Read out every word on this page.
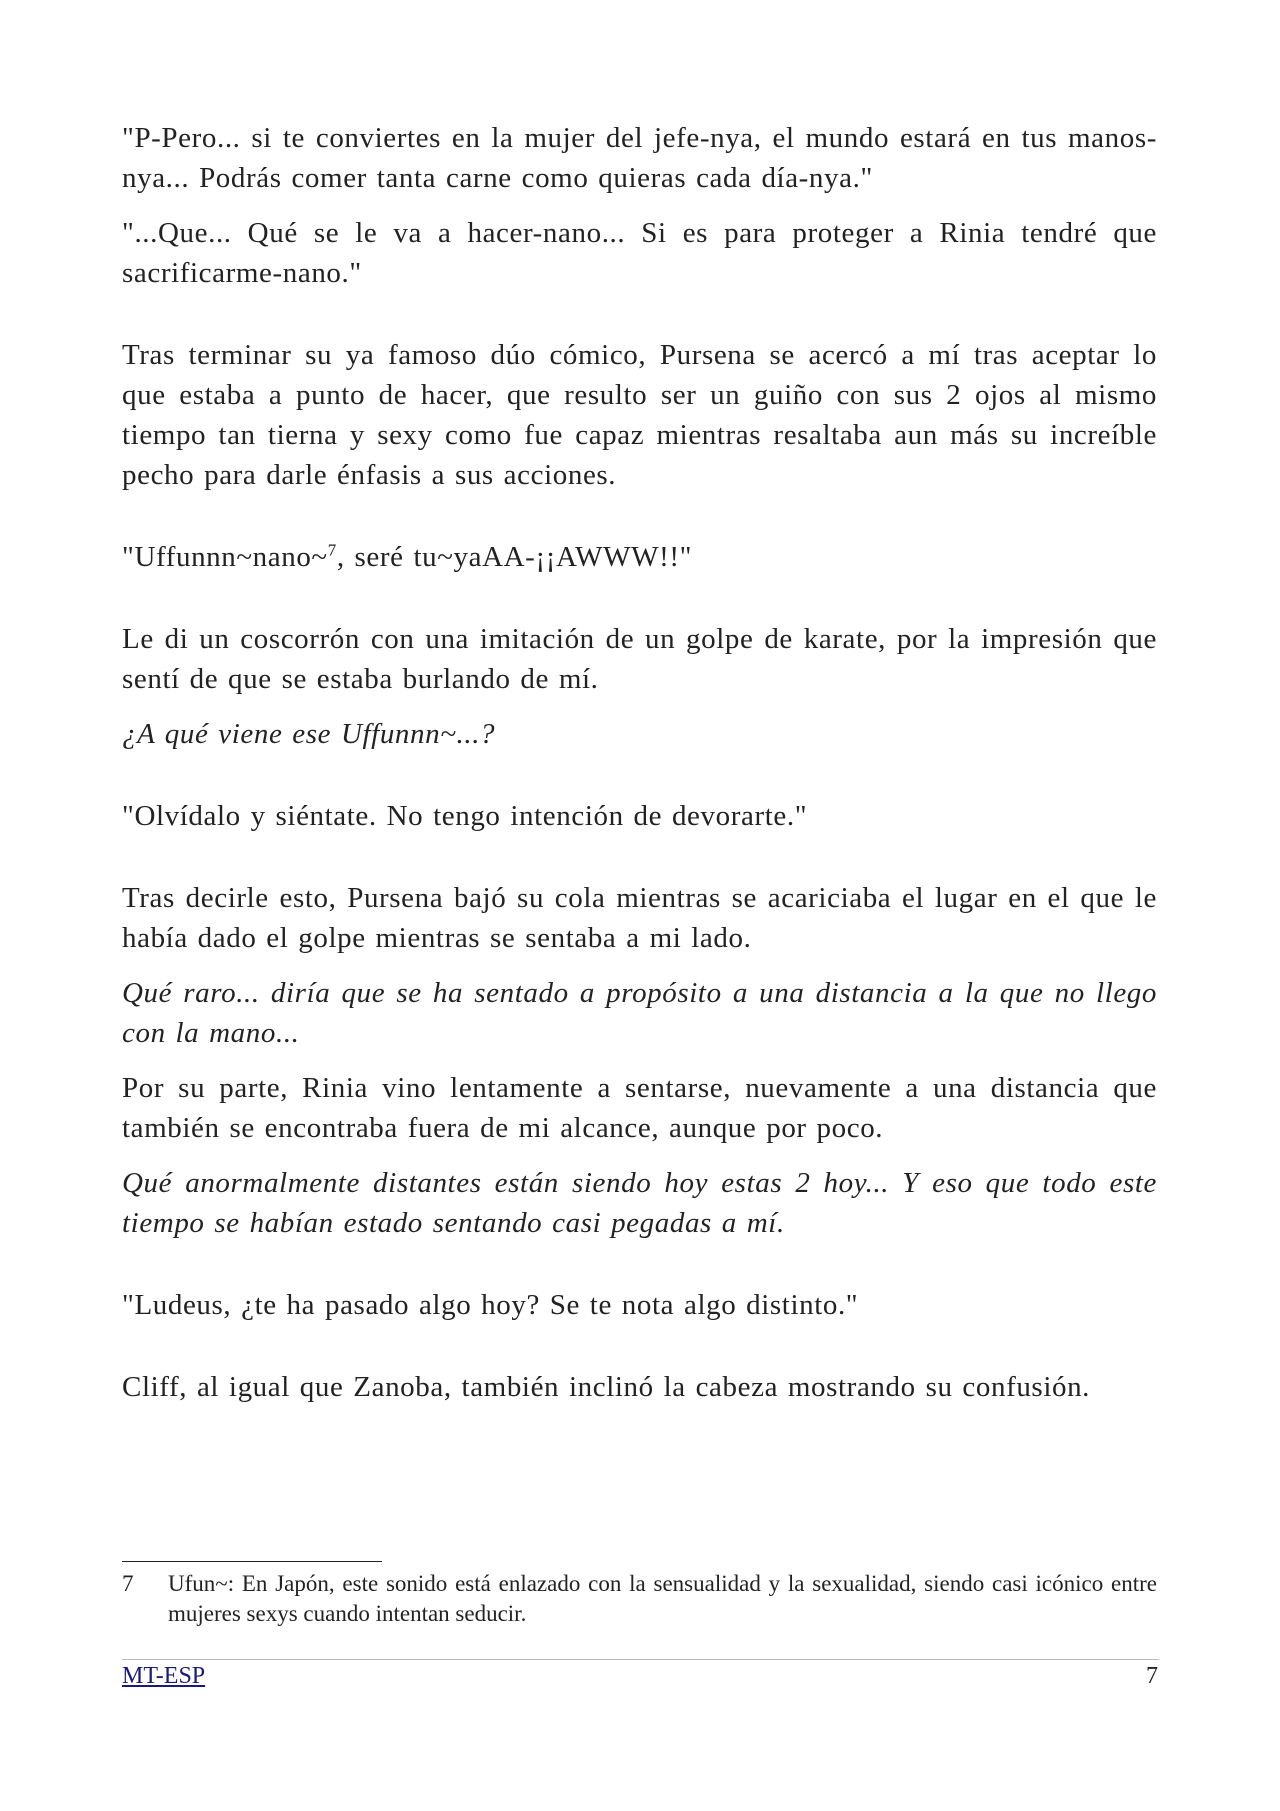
"P-Pero... si te conviertes en la mujer del jefe-nya, el mundo estará en tus manos-nya... Podrás comer tanta carne como quieras cada día-nya."

"...Que... Qué se le va a hacer-nano... Si es para proteger a Rinia tendré que sacrificarme-nano."

Tras terminar su ya famoso dúo cómico, Pursena se acercó a mí tras aceptar lo que estaba a punto de hacer, que resulto ser un guiño con sus 2 ojos al mismo tiempo tan tierna y sexy como fue capaz mientras resaltaba aun más su increíble pecho para darle énfasis a sus acciones.

"Uffunnn~nano~$^7$, seré tu~yaAA-¡¡AWWW!!"

Le di un coscorrón con una imitación de un golpe de karate, por la impresión que sentí de que se estaba burlando de mí.

¿A qué viene ese Uffunnn~...?

"Olvídalo y siéntate. No tengo intención de devorarte."

Tras decirle esto, Pursena bajó su cola mientras se acariciaba el lugar en el que le había dado el golpe mientras se sentaba a mi lado.

Qué raro... diría que se ha sentado a propósito a una distancia a la que no llego con la mano...

Por su parte, Rinia vino lentamente a sentarse, nuevamente a una distancia que también se encontraba fuera de mi alcance, aunque por poco.

Qué anormalmente distantes están siendo hoy estas 2 hoy... Y eso que todo este tiempo se habían estado sentando casi pegadas a mí.

"Ludeus, ¿te ha pasado algo hoy? Se te nota algo distinto."

Cliff, al igual que Zanoba, también inclinó la cabeza mostrando su confusión.

7	Ufun~: En Japón, este sonido está enlazado con la sensualidad y la sexualidad, siendo casi icónico entre mujeres sexys cuando intentan seducir.
MT-ESP	7
